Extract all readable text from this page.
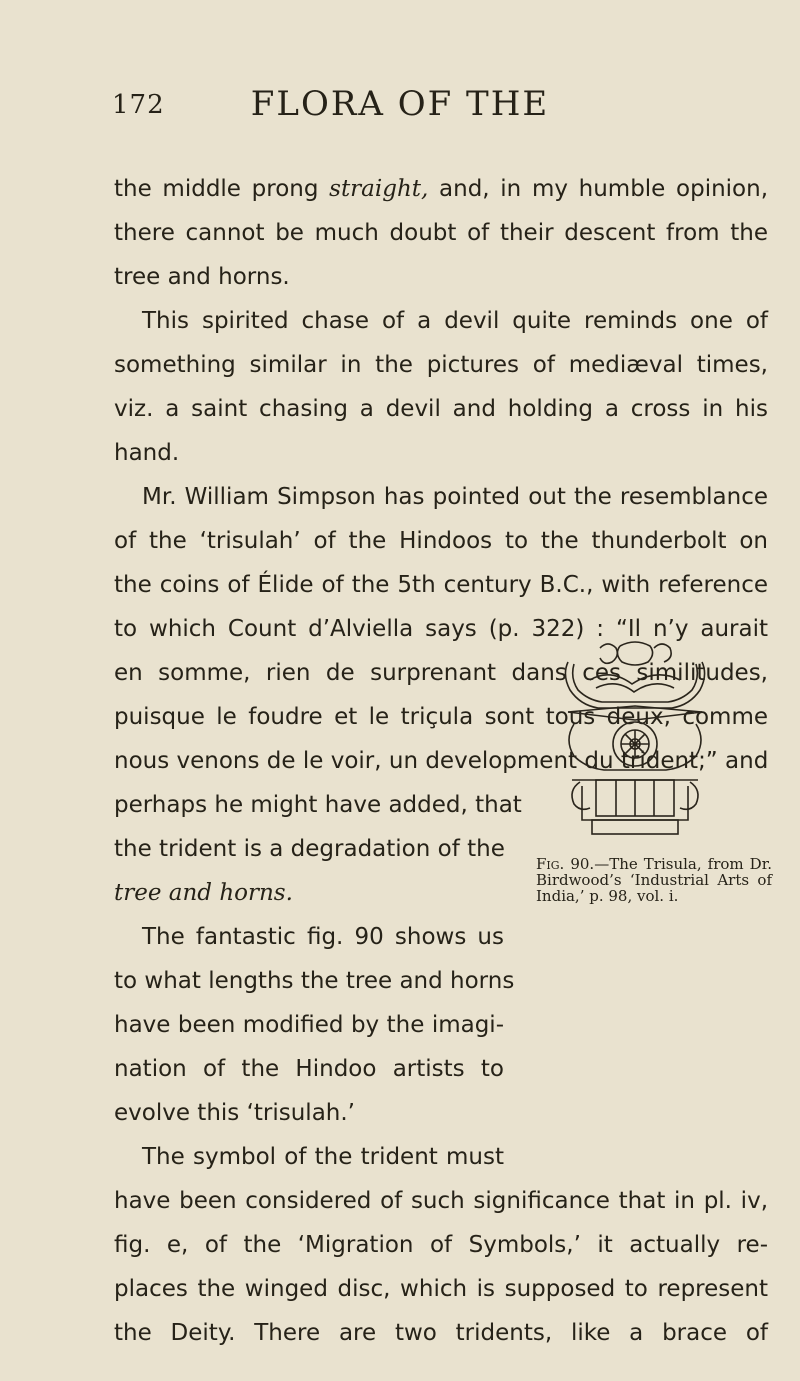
172	FLORA OF THE
the middle prong straight, and, in my humble opinion,
there cannot be much doubt of their descent from the
tree and horns.
This spirited chase of a devil quite reminds one of
something similar in the pictures of mediæval times,
viz. a saint chasing a devil and holding a cross in his
hand.
Mr. William Simpson has pointed out the resemblance
of the ‘trisulah’ of the Hindoos to the thunderbolt on
the coins of Élide of the 5th century B.C., with reference
to which Count d’Alviella says (p. 322) : “Il n’y aurait
en somme, rien de surprenant dans ces similitudes,
puisque le foudre et le triçula sont tous deux, comme
nous venons de le voir, un development du trident;” and
perhaps he might have added, that
the trident is a degradation of the
tree and horns.
The fantastic fig. 90 shows us
to what lengths the tree and horns
have been modified by the imagi-
nation of the Hindoo artists to
evolve this ‘trisulah.’
The symbol of the trident must
have been considered of such significance that in pl. iv,
fig. e, of the ‘Migration of Symbols,’ it actually re-
places the winged disc, which is supposed to represent
the Deity. There are two tridents, like a brace of
Fig. 90.—The Trisula, from Dr. Birdwood’s ‘Industrial Arts of India,’ p. 98, vol. i.
